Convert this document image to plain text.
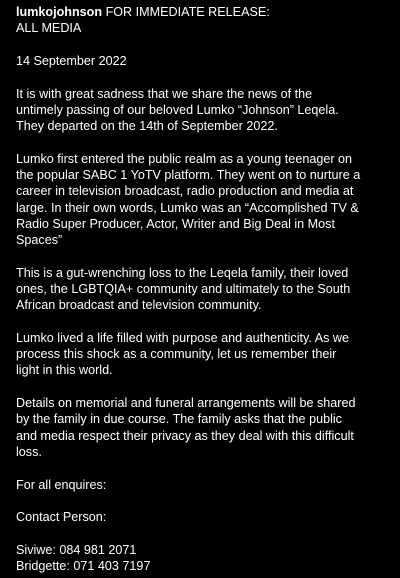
lumkojohnson FOR IMMEDIATE RELEASE:
ALL MEDIA
14 September 2022
It is with great sadness that we share the news of the
untimely passing of our beloved Lumko “Johnson” Leqela.
They departed on the 14th of September 2022.
Lumko first entered the public realm as a young teenager on
the popular SABC 1 YoTV platform. They went on to nurture a
career in television broadcast, radio production and media at
large. In their own words, Lumko was an “Accomplished TV &
Radio Super Producer, Actor, Writer and Big Deal in Most
Spaces”
This is a gut-wrenching loss to the Leqela family, their loved
ones, the LGBTQIA+ community and ultimately to the South
African broadcast and television community.
Lumko lived a life filled with purpose and authenticity. As we
process this shock as a community, let us remember their
light in this world.
Details on memorial and funeral arrangements will be shared
by the family in due course. The family asks that the public
and media respect their privacy as they deal with this difficult
loss.
For all enquires:
Contact Person:
Siviwe: 084 981 2071
Bridgette: 071 403 7197
